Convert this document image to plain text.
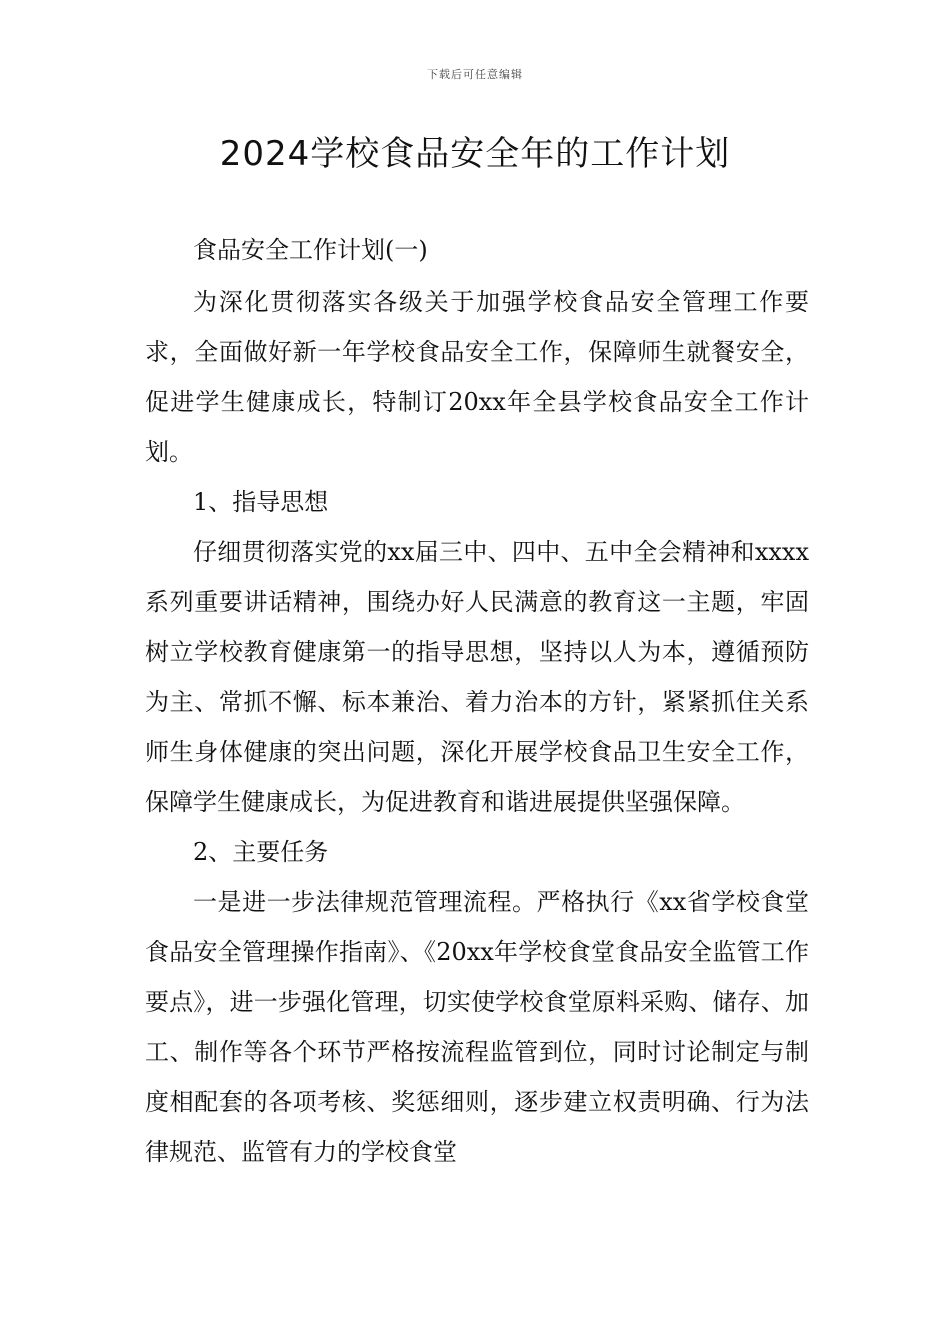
下载后可任意编辑
2024学校食品安全年的工作计划

食品安全工作计划(一)

为深化贯彻落实各级关于加强学校食品安全管理工作要求，全面做好新一年学校食品安全工作，保障师生就餐安全，促进学生健康成长，特制订20xx年全县学校食品安全工作计划。

1、指导思想

仔细贯彻落实党的xx届三中、四中、五中全会精神和xxxx系列重要讲话精神，围绕办好人民满意的教育这一主题，牢固树立学校教育健康第一的指导思想，坚持以人为本，遵循预防为主、常抓不懈、标本兼治、着力治本的方针，紧紧抓住关系师生身体健康的突出问题，深化开展学校食品卫生安全工作，保障学生健康成长，为促进教育和谐进展提供坚强保障。

2、主要任务

一是进一步法律规范管理流程。严格执行《xx省学校食堂食品安全管理操作指南》、《20xx年学校食堂食品安全监管工作要点》，进一步强化管理，切实使学校食堂原料采购、储存、加工、制作等各个环节严格按流程监管到位，同时讨论制定与制度相配套的各项考核、奖惩细则，逐步建立权责明确、行为法律规范、监管有力的学校食堂
